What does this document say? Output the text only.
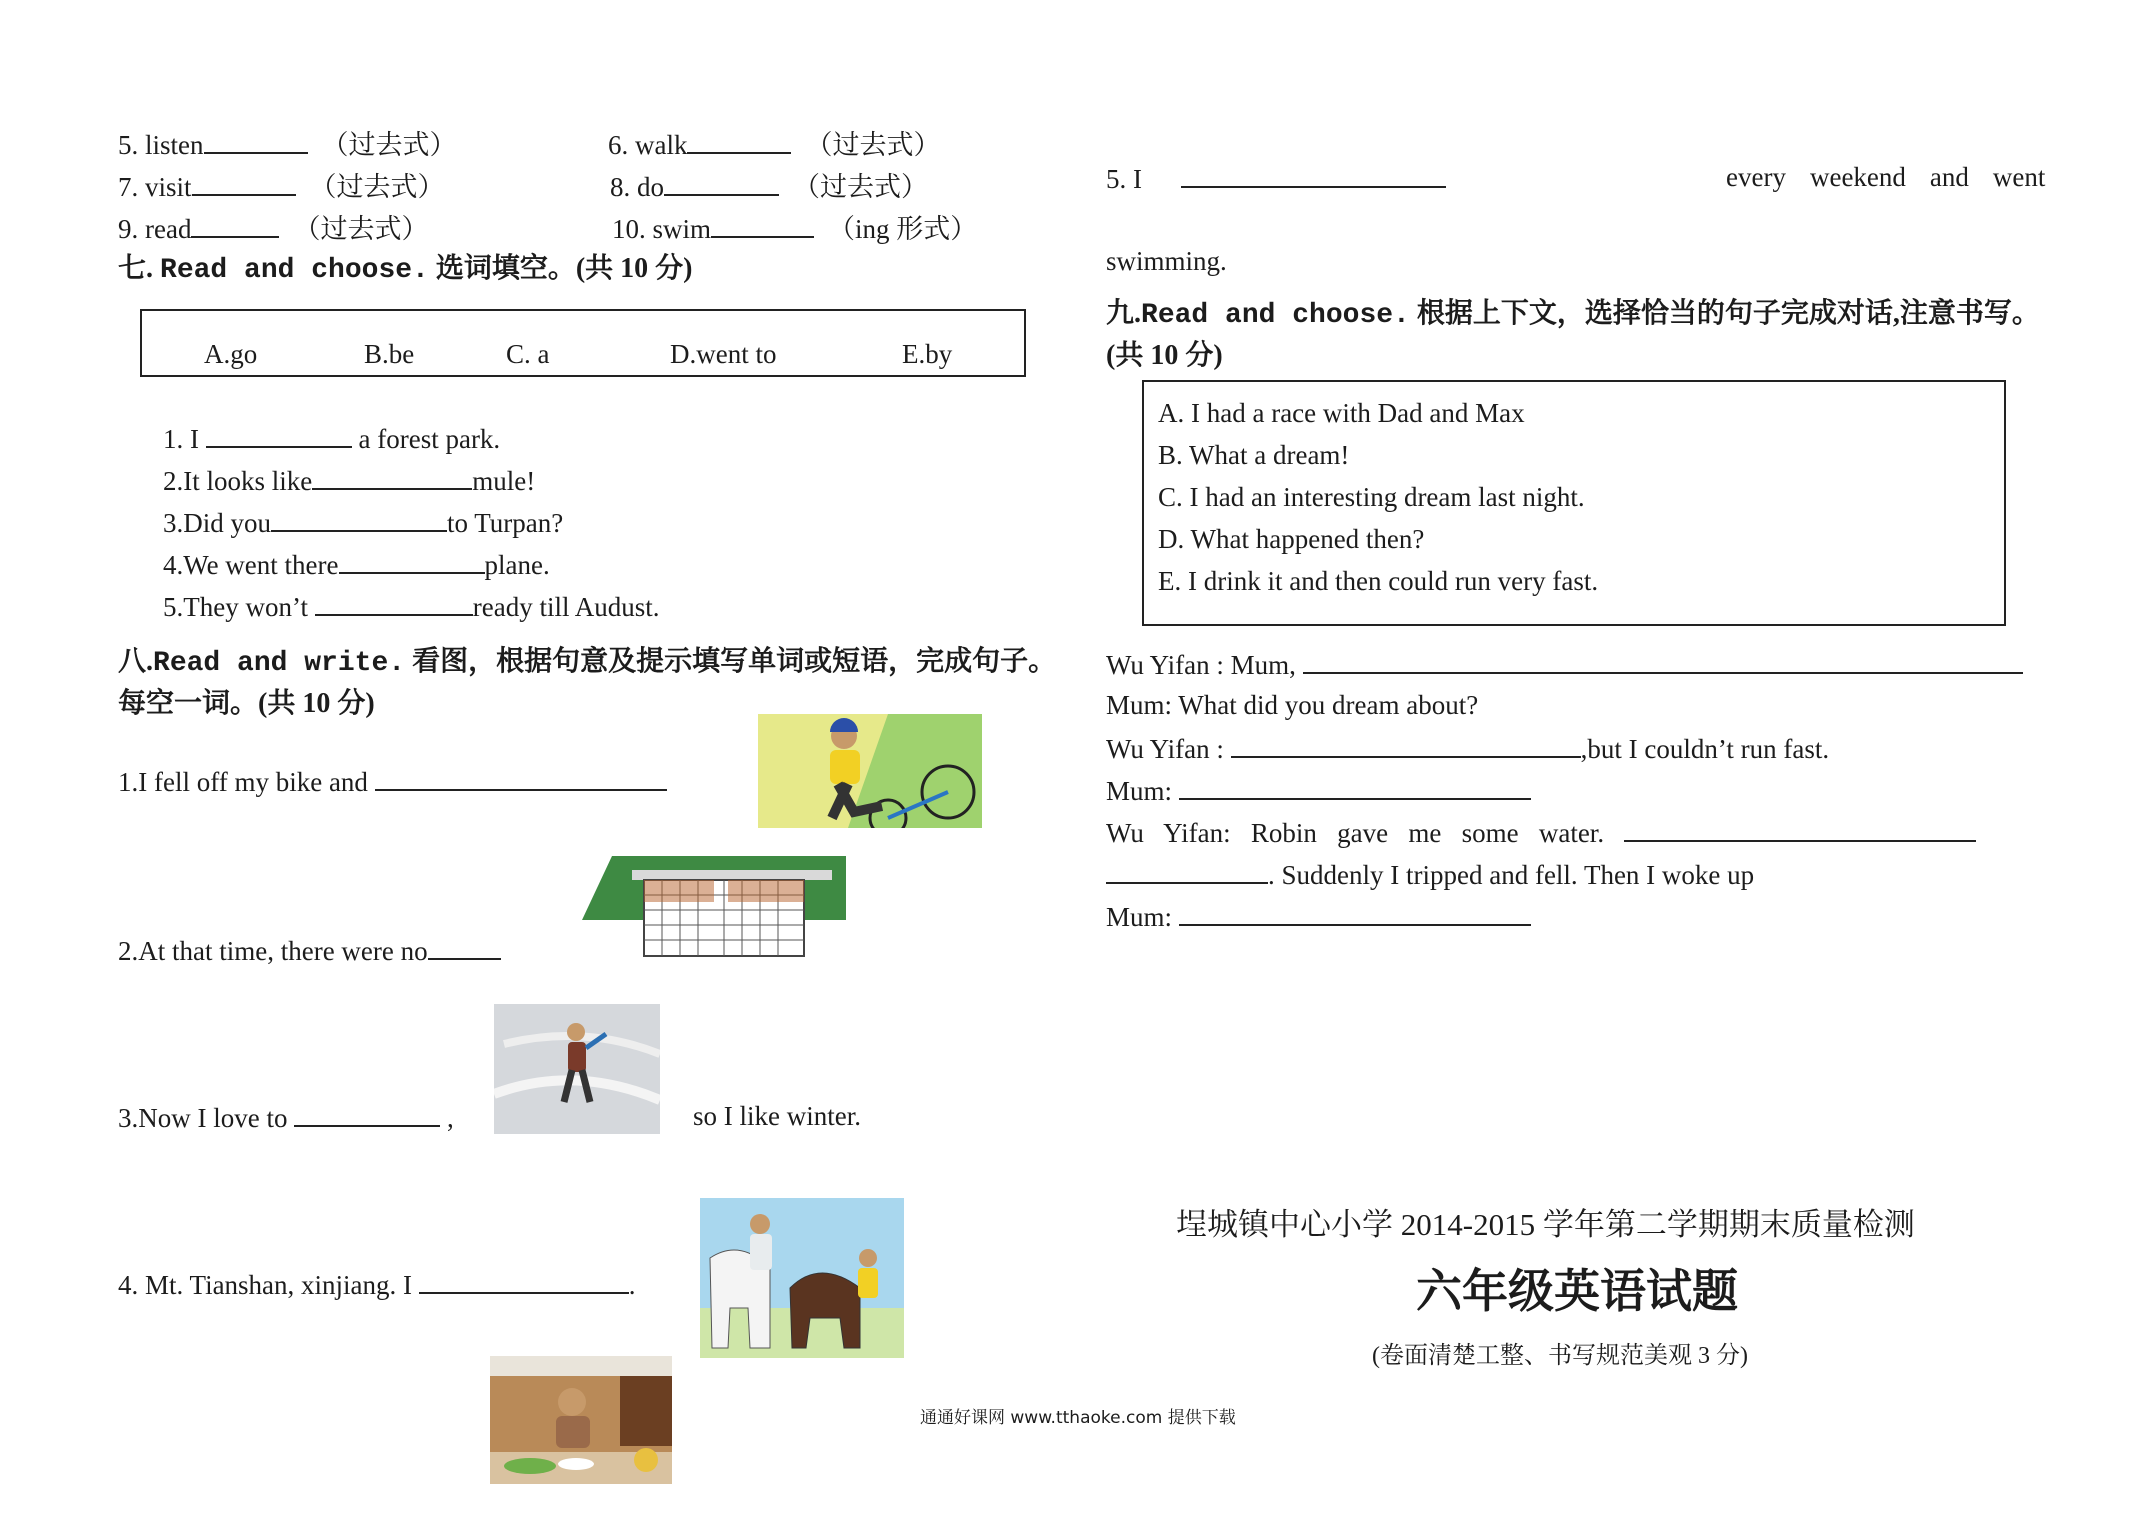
5. listen	（过去式）	6. walk	（过去式）
7. visit	（过去式）	8. do	（过去式）
9. read	（过去式）	10. swim	（ing 形式）
七. Read and choose. 选词填空。(共 10 分)
A.go	B.be	C. a	D.went to	E.by
1. I	a forest park.
2.It looks like	mule!
3.Did you	to Turpan?
4.We went there	plane.
5.They won’t	ready till Audust.
八.Read and write. 看图，根据句意及提示填写单词或短语，完成句子。
每空一词。(共 10 分)
1.I fell off my bike and
2.At that time, there were no
3.Now I love to	,	so I like winter.
4. Mt. Tianshan, xinjiang. I	.
通通好课网 www.tthaoke.com 提供下载
5. I	every weekend and went
swimming.
九.Read and choose. 根据上下文，选择恰当的句子完成对话,注意书写。
(共 10 分)
A. I had a race with Dad and Max
B. What a dream!
C. I had an interesting dream last night.
D. What happened then?
E. I drink it and then could run very fast.
Wu Yifan : Mum,
Mum: What did you dream about?
Wu Yifan :	,but I couldn’t run fast.
Mum:
Wu   Yifan:   Robin   gave   me   some   water.
. Suddenly I tripped and fell. Then I woke up
Mum:
埕城镇中心小学 2014-2015 学年第二学期期末质量检测
六年级英语试题
(卷面清楚工整、书写规范美观 3 分)
